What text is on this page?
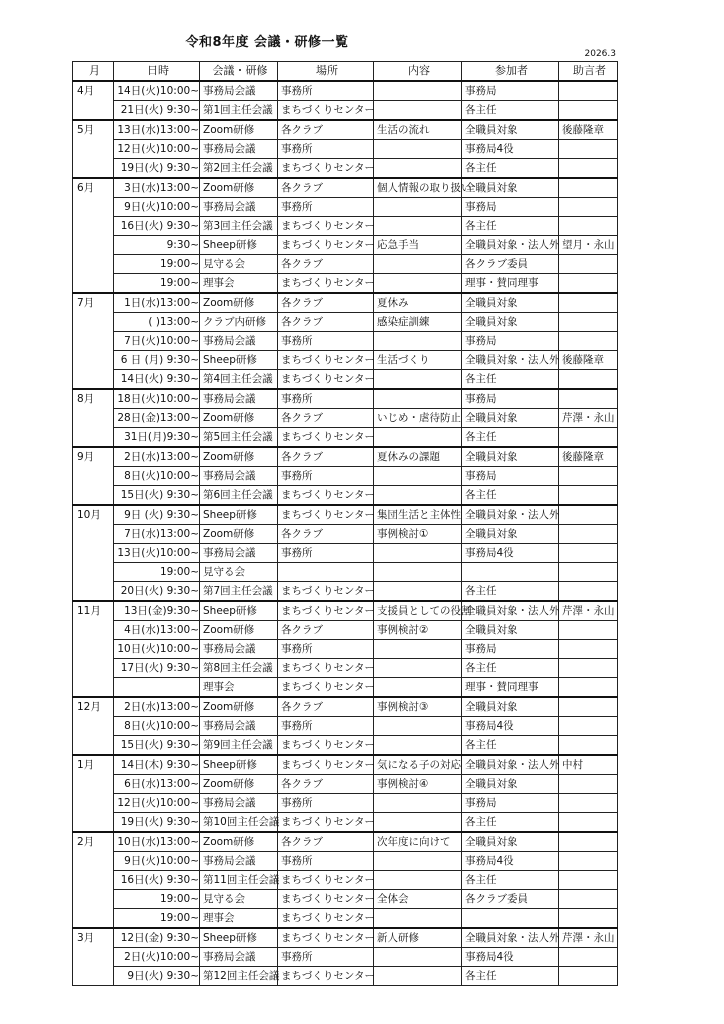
令和8年度 会議・研修一覧
2026.3
月	日時	会議・研修	場所	内容	参加者	助言者
4月	14日(火)10:00~	事務局会議	事務所		事務局	
	21日(火) 9:30~	第1回主任会議	まちづくりセンター		各主任	
5月	13日(水)13:00~	Zoom研修	各クラブ	生活の流れ	全職員対象	後藤隆章
	12日(火)10:00~	事務局会議	事務所		事務局4役	
	19日(火) 9:30~	第2回主任会議	まちづくりセンター		各主任	
6月	3日(水)13:00~	Zoom研修	各クラブ	個人情報の取り扱い	全職員対象	
	9日(火)10:00~	事務局会議	事務所		事務局	
	16日(火) 9:30~	第3回主任会議	まちづくりセンター		各主任	
	9:30~	Sheep研修	まちづくりセンター	応急手当	全職員対象・法人外	望月・永山
	19:00~	見守る会	各クラブ		各クラブ委員	
	19:00~	理事会	まちづくりセンター		理事・賛同理事	
7月	1日(水)13:00~	Zoom研修	各クラブ	夏休み	全職員対象	
	( )13:00~	クラブ内研修	各クラブ	感染症訓練	全職員対象	
	7日(火)10:00~	事務局会議	事務所		事務局	
	6 日 (月) 9:30~	Sheep研修	まちづくりセンター	生活づくり	全職員対象・法人外	後藤隆章
	14日(火) 9:30~	第4回主任会議	まちづくりセンター		各主任	
8月	18日(火)10:00~	事務局会議	事務所		事務局	
	28日(金)13:00~	Zoom研修	各クラブ	いじめ・虐待防止	全職員対象	芹澤・永山
	31日(月)9:30~	第5回主任会議	まちづくりセンター		各主任	
9月	2日(水)13:00~	Zoom研修	各クラブ	夏休みの課題	全職員対象	後藤隆章
	8日(火)10:00~	事務局会議	事務所		事務局	
	15日(火) 9:30~	第6回主任会議	まちづくりセンター		各主任	
10月	9日 (火) 9:30~	Sheep研修	まちづくりセンター	集団生活と主体性	全職員対象・法人外	
	7日(水)13:00~	Zoom研修	各クラブ	事例検討①	全職員対象	
	13日(火)10:00~	事務局会議	事務所		事務局4役	
	19:00~	見守る会				
	20日(火) 9:30~	第7回主任会議	まちづくりセンター		各主任	
11月	13日(金)9:30~	Sheep研修	まちづくりセンター	支援員としての役割	全職員対象・法人外	芹澤・永山
	4日(水)13:00~	Zoom研修	各クラブ	事例検討②	全職員対象	
	10日(火)10:00~	事務局会議	事務所		事務局	
	17日(火) 9:30~	第8回主任会議	まちづくりセンター		各主任	
		理事会	まちづくりセンター		理事・賛同理事	
12月	2日(水)13:00~	Zoom研修	各クラブ	事例検討③	全職員対象	
	8日(火)10:00~	事務局会議	事務所		事務局4役	
	15日(火) 9:30~	第9回主任会議	まちづくりセンター		各主任	
1月	14日(木) 9:30~	Sheep研修	まちづくりセンター	気になる子の対応	全職員対象・法人外	中村
	6日(水)13:00~	Zoom研修	各クラブ	事例検討④	全職員対象	
	12日(火)10:00~	事務局会議	事務所		事務局	
	19日(火) 9:30~	第10回主任会議	まちづくりセンター		各主任	
2月	10日(水)13:00~	Zoom研修	各クラブ	次年度に向けて	全職員対象	
	9日(火)10:00~	事務局会議	事務所		事務局4役	
	16日(火) 9:30~	第11回主任会議	まちづくりセンター		各主任	
	19:00~	見守る会	まちづくりセンター	全体会	各クラブ委員	
	19:00~	理事会	まちづくりセンター			
3月	12日(金) 9:30~	Sheep研修	まちづくりセンター	新人研修	全職員対象・法人外	芹澤・永山
	2日(火)10:00~	事務局会議	事務所		事務局4役	
	9日(火) 9:30~	第12回主任会議	まちづくりセンター		各主任	
